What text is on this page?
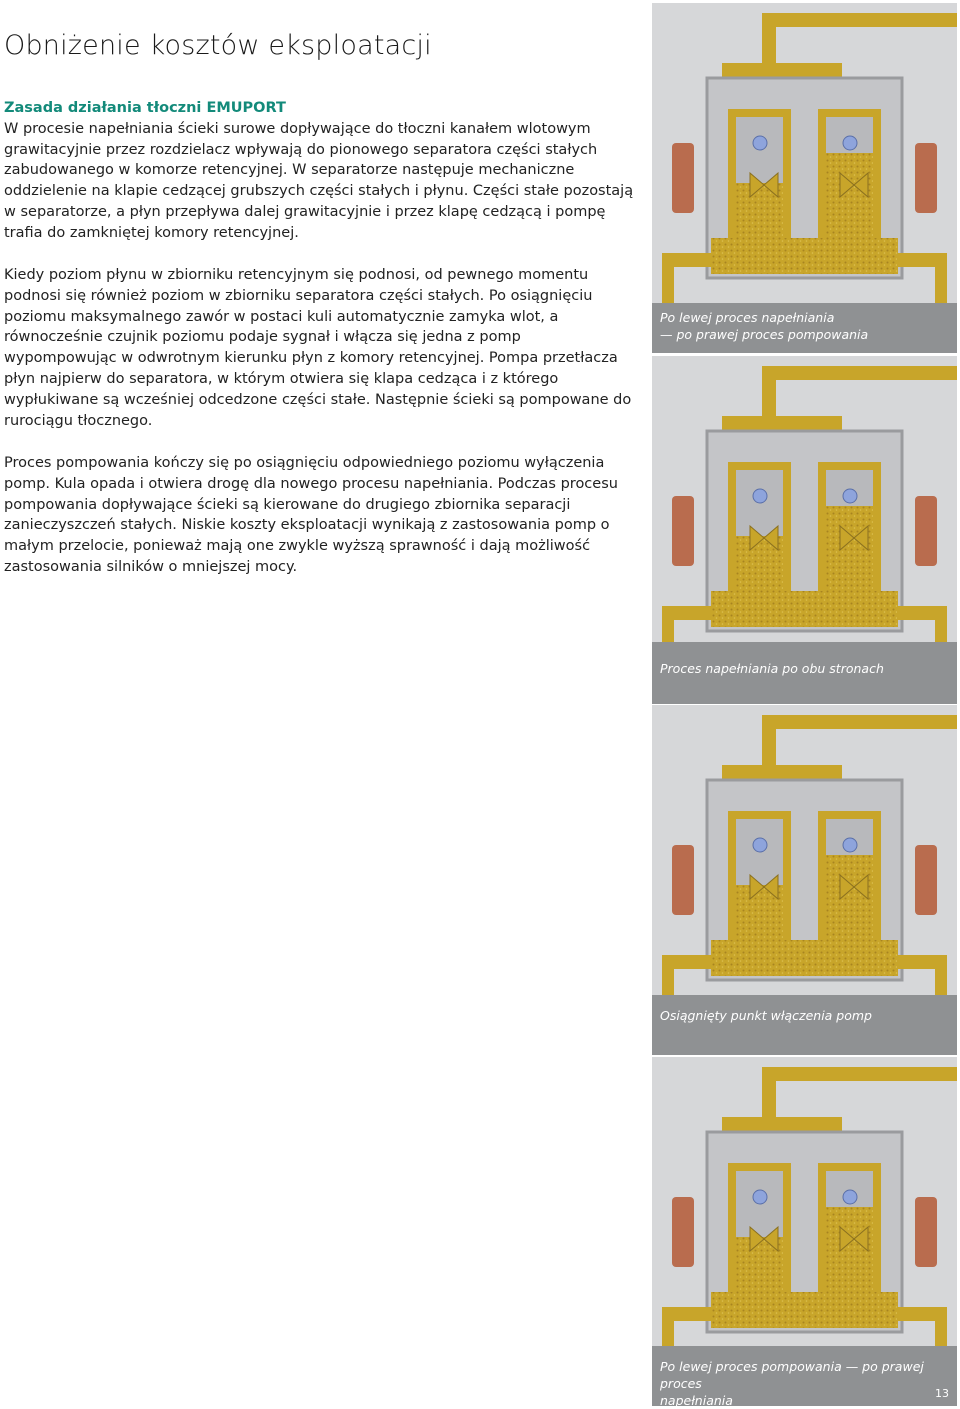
Obniżenie kosztów eksploatacji

Zasada działania tłoczni EMUPORT

W procesie napełniania ścieki surowe dopływające do tłoczni kanałem wlotowym grawitacyjnie przez rozdzielacz wpływają do pionowego separatora części stałych zabudowanego w komorze retencyjnej. W separatorze następuje mechaniczne oddzielenie na klapie cedzącej grubszych części stałych i płynu. Części stałe pozostają w separatorze, a płyn przepływa dalej grawitacyjnie i przez klapę cedzącą i pompę trafia do zamkniętej komory retencyjnej.

Kiedy poziom płynu w zbiorniku retencyjnym się podnosi, od pewnego momentu podnosi się również poziom w zbiorniku separatora części stałych. Po osiągnięciu poziomu maksymalnego zawór w postaci kuli automatycznie zamyka wlot, a równocześnie czujnik poziomu podaje sygnał i włącza się jedna z pomp wypompowując w odwrotnym kierunku płyn z komory retencyjnej. Pompa przetłacza płyn najpierw do separatora, w którym otwiera się klapa cedząca i z którego wypłukiwane są wcześniej odcedzone części stałe. Następnie ścieki są pompowane do rurociągu tłocznego.
Proces pompowania kończy się po osiągnięciu odpowiedniego poziomu wyłączenia pomp. Kula opada i otwiera drogę dla nowego procesu napełniania. Podczas procesu pompowania dopływające ścieki są kierowane do drugiego zbiornika separacji zanieczyszczeń stałych. Niskie koszty eksploatacji wynikają z zastosowania pomp o małym przelocie, ponieważ mają one zwykle wyższą sprawność i dają możliwość zastosowania silników o mniejszej mocy.
Po lewej proces napełniania
— po prawej proces pompowania
Proces napełniania po obu stronach
Osiągnięty punkt włączenia pomp
Po lewej proces pompowania — po prawej proces
napełniania	13
